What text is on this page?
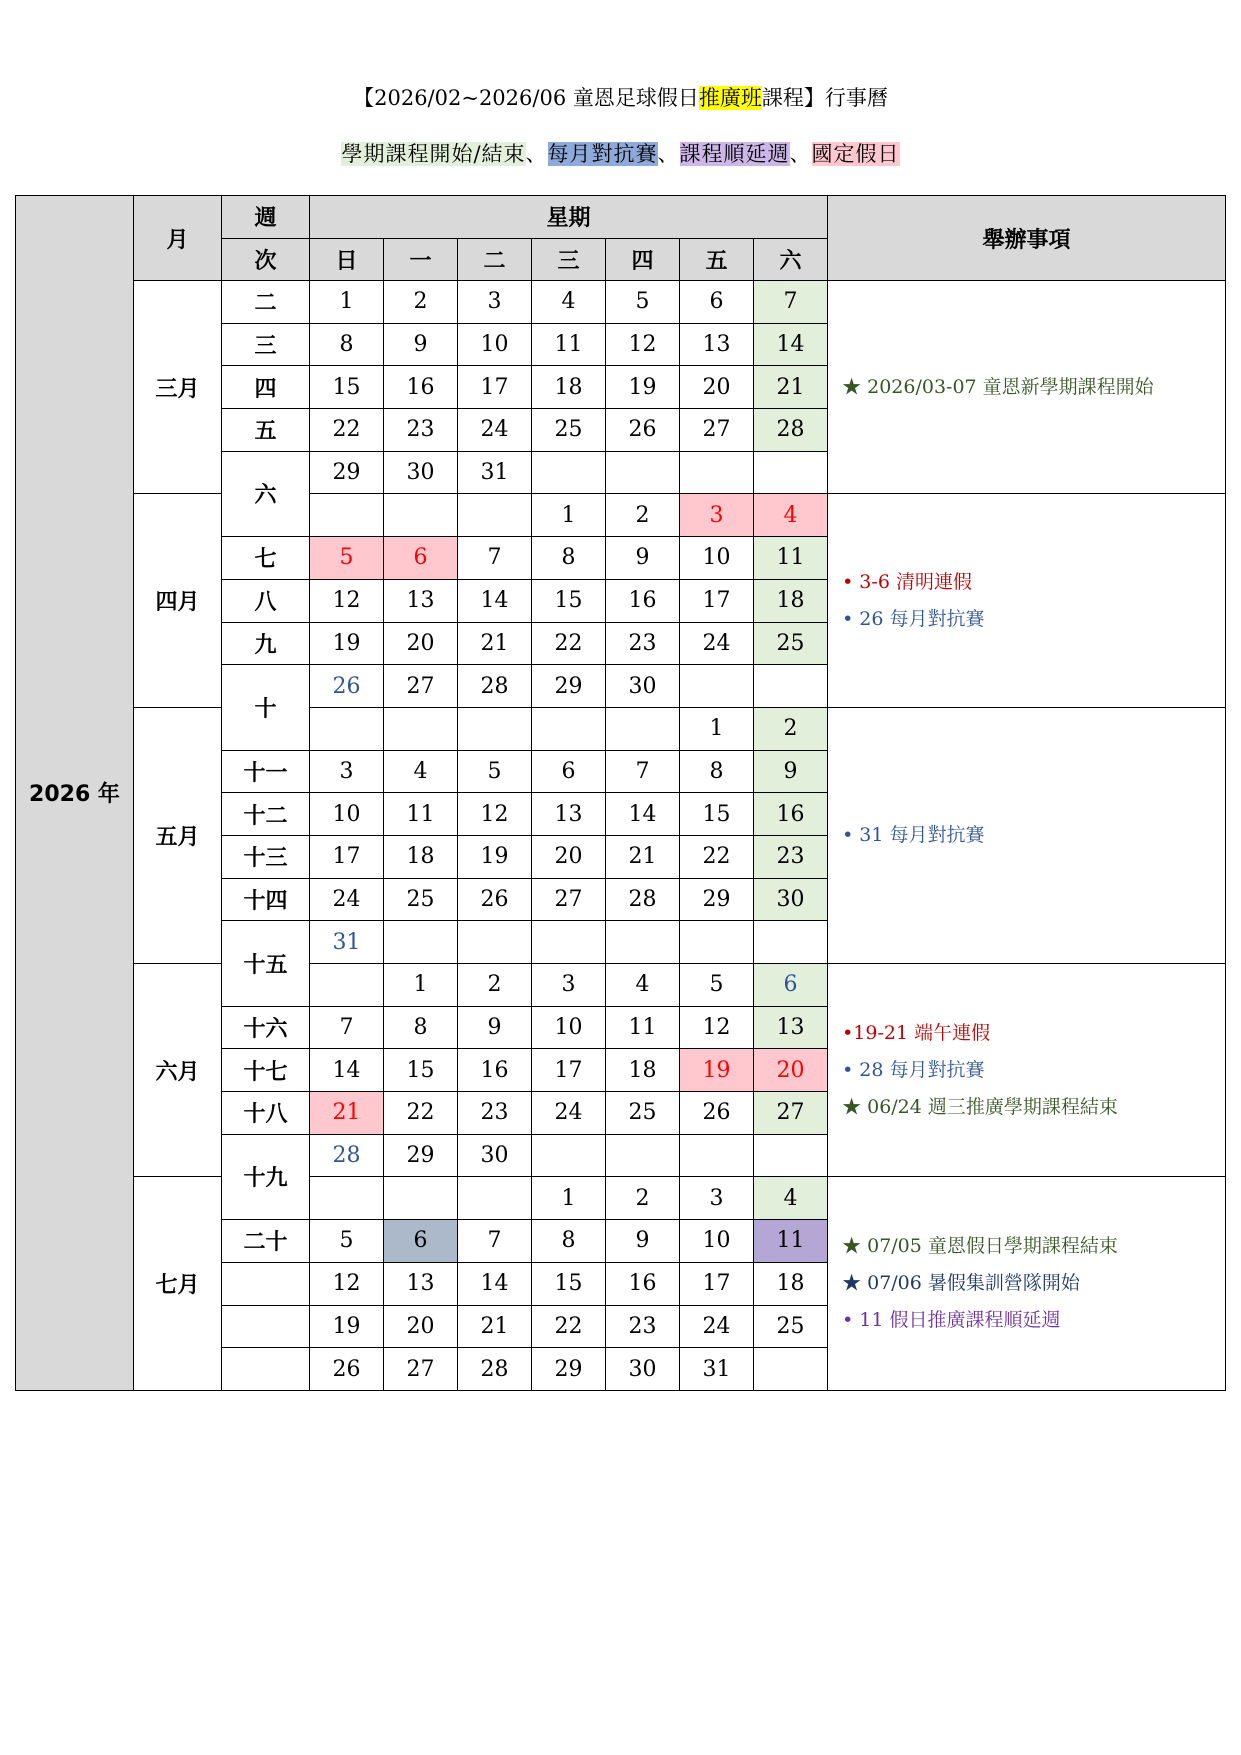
【2026/02~2026/06 童恩足球假日推廣班課程】行事曆
學期課程開始/結束、每月對抗賽、課程順延週、國定假日
2026 年	月	週	星期							舉辦事項
		次	日	一	二	三	四	五	六	
	三月	二	1	2	3	4	5	6	7	★ 2026/03-07 童恩新學期課程開始

		三	8	9	10	11	12	13	14	
		四	15	16	17	18	19	20	21	
		五	22	23	24	25	26	27	28	
		六	29	30	31					
	四月					1	2	3	4	• 3-6 清明連假
• 26 每月對抗賽

		七	5	6	7	8	9	10	11	
		八	12	13	14	15	16	17	18	
		九	19	20	21	22	23	24	25	
		十	26	27	28	29	30			
	五月							1	2	• 31 每月對抗賽

		十一	3	4	5	6	7	8	9	
		十二	10	11	12	13	14	15	16	
		十三	17	18	19	20	21	22	23	
		十四	24	25	26	27	28	29	30	
		十五	31							
	六月			1	2	3	4	5	6	•19-21 端午連假
• 28 每月對抗賽
★ 06/24 週三推廣學期課程結束

		十六	7	8	9	10	11	12	13	
		十七	14	15	16	17	18	19	20	
		十八	21	22	23	24	25	26	27	
		十九	28	29	30					
	七月					1	2	3	4	★ 07/05 童恩假日學期課程結束
★ 07/06 暑假集訓營隊開始
• 11 假日推廣課程順延週

		二十	5	6	7	8	9	10	11	
			12	13	14	15	16	17	18	
			19	20	21	22	23	24	25	
			26	27	28	29	30	31		
